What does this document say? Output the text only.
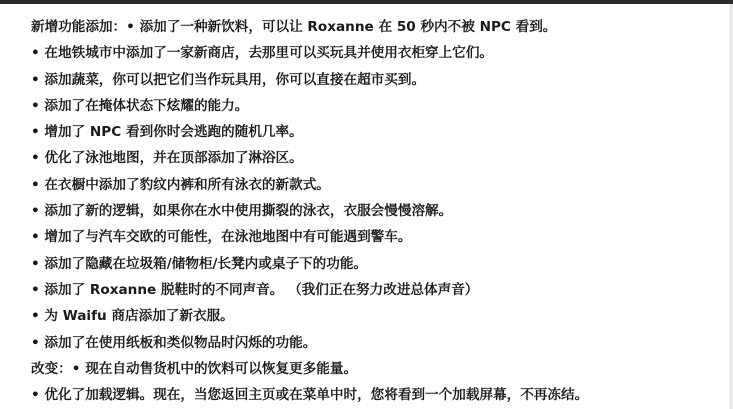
新增功能添加：• 添加了一种新饮料，可以让 Roxanne 在 50 秒内不被 NPC 看到。
• 在地铁城市中添加了一家新商店，去那里可以买玩具并使用衣柜穿上它们。
• 添加蔬菜，你可以把它们当作玩具用，你可以直接在超市买到。
• 添加了在掩体状态下炫耀的能力。
• 增加了 NPC 看到你时会逃跑的随机几率。
• 优化了泳池地图，并在顶部添加了淋浴区。
• 在衣橱中添加了豹纹内裤和所有泳衣的新款式。
• 添加了新的逻辑，如果你在水中使用撕裂的泳衣，衣服会慢慢溶解。
• 增加了与汽车交欧的可能性，在泳池地图中有可能遇到警车。
• 添加了隐藏在垃圾箱/储物柜/长凳内或桌子下的功能。
• 添加了 Roxanne 脱鞋时的不同声音。 （我们正在努力改进总体声音）
• 为 Waifu 商店添加了新衣服。
• 添加了在使用纸板和类似物品时闪烁的功能。
改变：• 现在自动售货机中的饮料可以恢复更多能量。
• 优化了加载逻辑。现在，当您返回主页或在菜单中时，您将看到一个加载屏幕，不再冻结。
